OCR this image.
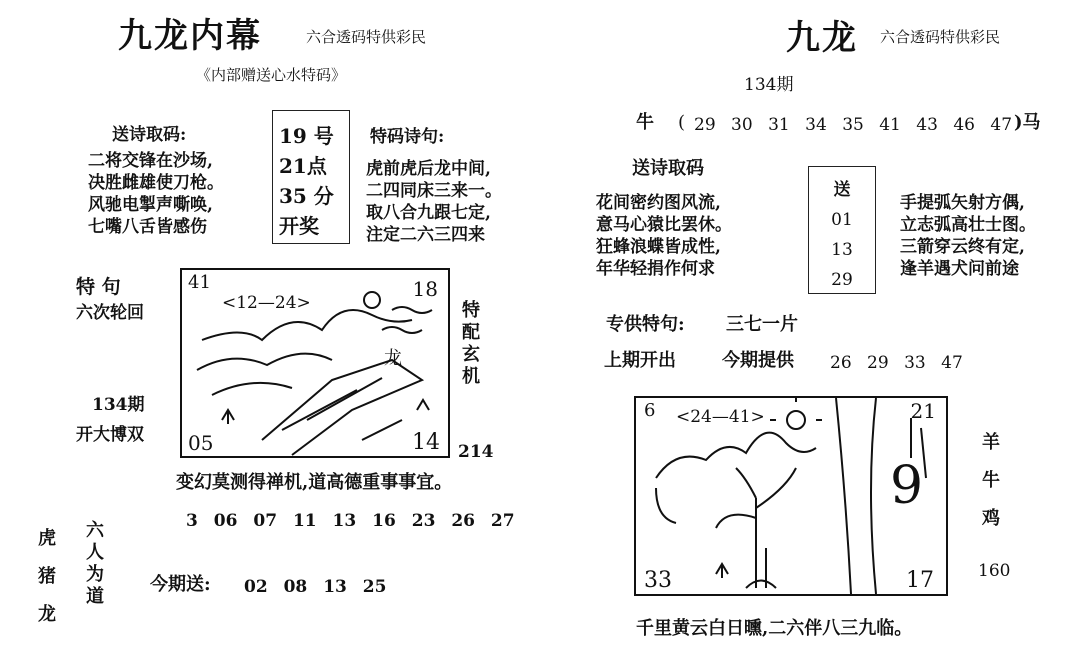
九龙内幕	六合透码特供彩民
《内部赠送心水特码》
送诗取码:
二将交锋在沙场,
决胜雌雄使刀枪。
风驰电掣声嘶唤,
七嘴八舌皆感伤
19 号
21点
35 分
开奖
特码诗句:
虎前虎后龙中间,
二四同床三来一。
取八合九跟七定,
注定二六三四来
特 句
六次轮回
134期
开大博双
41	18
05	14
<12—24>
龙	特配玄机
214
变幻莫测得禅机,道高德重事事宜。
3 06 07 11 13 16 23 26 27
虎
猪
龙
六人为道	今期送: 02 08 13 25
九龙 六合透码特供彩民
134期
牛 ( 29 30 31 34 35 41 43 46 47 )马
送诗取码
花间密约图风流,
意马心猿比罢休。
狂蜂浪蝶皆成性,
年华轻捐作何求
送
01
13
29
手提弧矢射方偶,
立志弧高壮士图。
三箭穿云终有定,
逢羊遇犬问前途
专供特句: 三七一片
上期开出	今期提供 26 29 33 47
6	21
33	17
<24—41>
9
羊
牛
鸡
160
千里黄云白日曛,二六伴八三九临。
